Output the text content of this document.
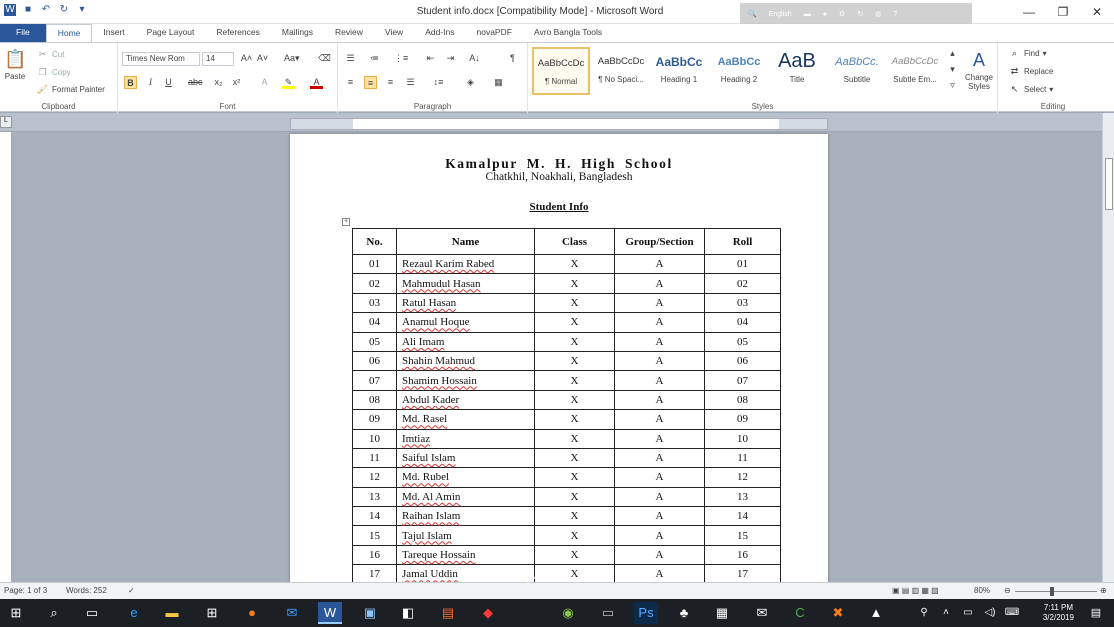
W ■ ↶ ↻	▾	Student info.docx [Compatibility Mode] - Microsoft Word	🔍 English ▬ ● ⚙ ↻ ◍ ?	—	❐	✕
File	Home	Insert	Page Layout	References	Mailings	Review	View	Add-Ins	novaPDF	Avro Bangla Tools
📋
Paste
✂ Cut
❐ Copy
🖌 Format Painter
Clipboard
Times New Rom	14	A˄ A˅ Aa▾ ⌫
B	I	U	abc x₂	x²	A	✎	A
Font
☰ ≔ ⋮≡	⇤	⇥	A↓	¶
≡	≡	≡	☰ ↕≡	◈	▦
Paragraph
AaBbCcDc
¶ Normal
AaBbCcDc
¶ No Spaci...
AaBbCc
Heading 1
AaBbCc
Heading 2
AaB
Title
AaBbCc.
Subtitle
AaBbCcDc
Subtle Em...
▴
▾
▿
A
Change Styles
Styles
⌕ Find ▾
⇄ Replace
↖ Select ▾
Editing
L
Kamalpur M. H. High School
Chatkhil, Noakhali, Bangladesh
Student Info
+
No.	Name	Class	Group/Section	Roll
01	Rezaul Karim Rabed	X	A	01
02	Mahmudul Hasan	X	A	02
03	Ratul Hasan	X	A	03
04	Anamul Hoque	X	A	04
05	Ali Imam	X	A	05
06	Shahin Mahmud	X	A	06
07	Shamim Hossain	X	A	07
08	Abdul Kader	X	A	08
09	Md. Rasel	X	A	09
10	Imtiaz	X	A	10
11	Saiful Islam	X	A	11
12	Md. Rubel	X	A	12
13	Md. Al Amin	X	A	13
14	Raihan Islam	X	A	14
15	Tajul Islam	X	A	15
16	Tareque Hossain	X	A	16
17	Jamal Uddin	X	A	17
Page: 1 of 3 Words: 252	✓	▣ ▤ ▥ ▦ ▧	80% ⊖	⊕
⊞	⌕	▭	e	▬	⊞	●	✉	W	▣	◧	▤	◆	◉	▭	Ps	♣	▦	✉	C	✖	▲	⚲	˄	▭	◁) ⌨	7:11 PM
3/2/2019	▤
nafezly.com
